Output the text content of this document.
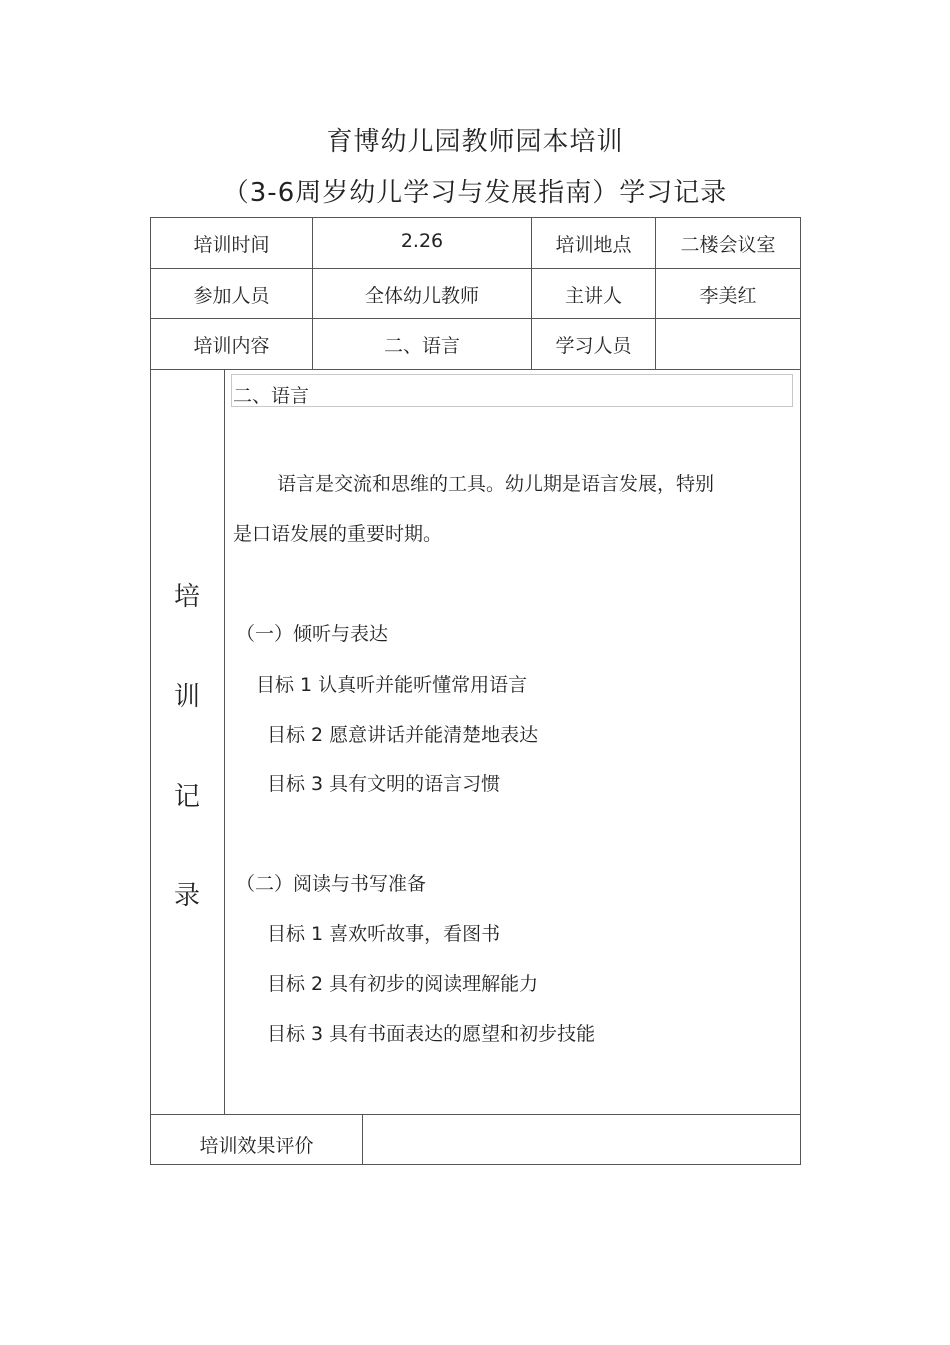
育博幼儿园教师园本培训
（3-6周岁幼儿学习与发展指南）学习记录
培训时间	2.26	培训地点	二楼会议室
参加人员	全体幼儿教师	主讲人	李美红
培训内容	二、语言	学习人员
培
训
记
录
二、语言
语言是交流和思维的工具。幼儿期是语言发展，特别
是口语发展的重要时期。
（一）倾听与表达
目标 1 认真听并能听懂常用语言
目标 2 愿意讲话并能清楚地表达
目标 3 具有文明的语言习惯
（二）阅读与书写准备
目标 1 喜欢听故事，看图书
目标 2 具有初步的阅读理解能力
目标 3 具有书面表达的愿望和初步技能
培训效果评价
